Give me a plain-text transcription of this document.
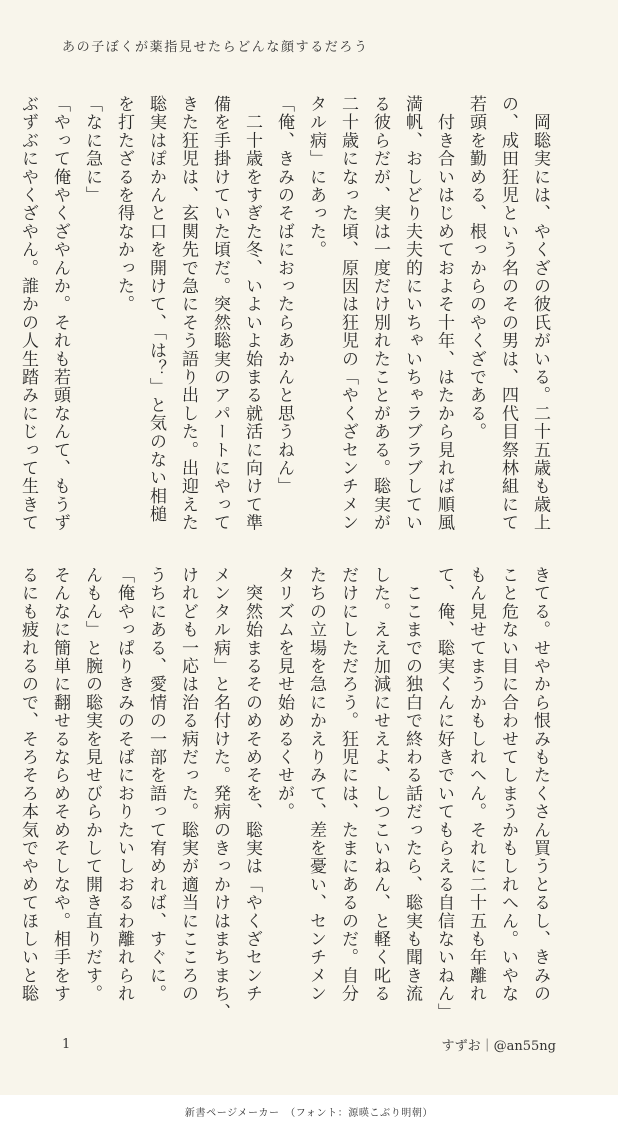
あの子ぼくが薬指見せたらどんな顔するだろう

　岡聡実には、やくざの彼氏がいる。二十五歳も歳上

の、成田狂児という名のその男は、四代目祭林組にて

若頭を勤める、根っからのやくざである。

　付き合いはじめておよそ十年、はたから見れば順風

満帆、おしどり夫夫的にいちゃいちゃラブラブしてい

る彼らだが、実は一度だけ別れたことがある。聡実が

二十歳になった頃、原因は狂児の「やくざセンチメン

タル病」にあった。

「俺、きみのそばにおったらあかんと思うねん」

　二十歳をすぎた冬、いよいよ始まる就活に向けて準

備を手掛けていた頃だ。突然聡実のアパートにやって

きた狂児は、玄関先で急にそう語り出した。出迎えた

聡実はぽかんと口を開けて、「は？」と気のない相槌

を打たざるを得なかった。

「なに急に」

「やって俺やくざやんか。それも若頭なんて、もうず

ぶずぶにやくざやん。誰かの人生踏みにじって生きて

きてる。せやから恨みもたくさん買うとるし、きみの

こと危ない目に合わせてしまうかもしれへん。いやな

もん見せてまうかもしれへん。それに二十五も年離れ

て、俺、聡実くんに好きでいてもらえる自信ないねん」

　ここまでの独白で終わる話だったら、聡実も聞き流

した。ええ加減にせえよ、しつこいねん、と軽く叱る

だけにしただろう。狂児には、たまにあるのだ。自分

たちの立場を急にかえりみて、差を憂い、センチメン

タリズムを見せ始めるくせが。

　突然始まるそのめそめそを、聡実は「やくざセンチ

メンタル病」と名付けた。発病のきっかけはまちまち、

けれども一応は治る病だった。聡実が適当にこころの

うちにある、愛情の一部を語って宥めれば、すぐに。

「俺やっぱりきみのそばにおりたいしおるわ離れられ

んもん」と腕の聡実を見せびらかして開き直りだす。

そんなに簡単に翻せるならめそめそしなや。相手をす

るにも疲れるので、そろそろ本気でやめてほしいと聡

1	すずお｜@an55ng
新書ページメーカー　（フォント：源暎こぶり明朝）
